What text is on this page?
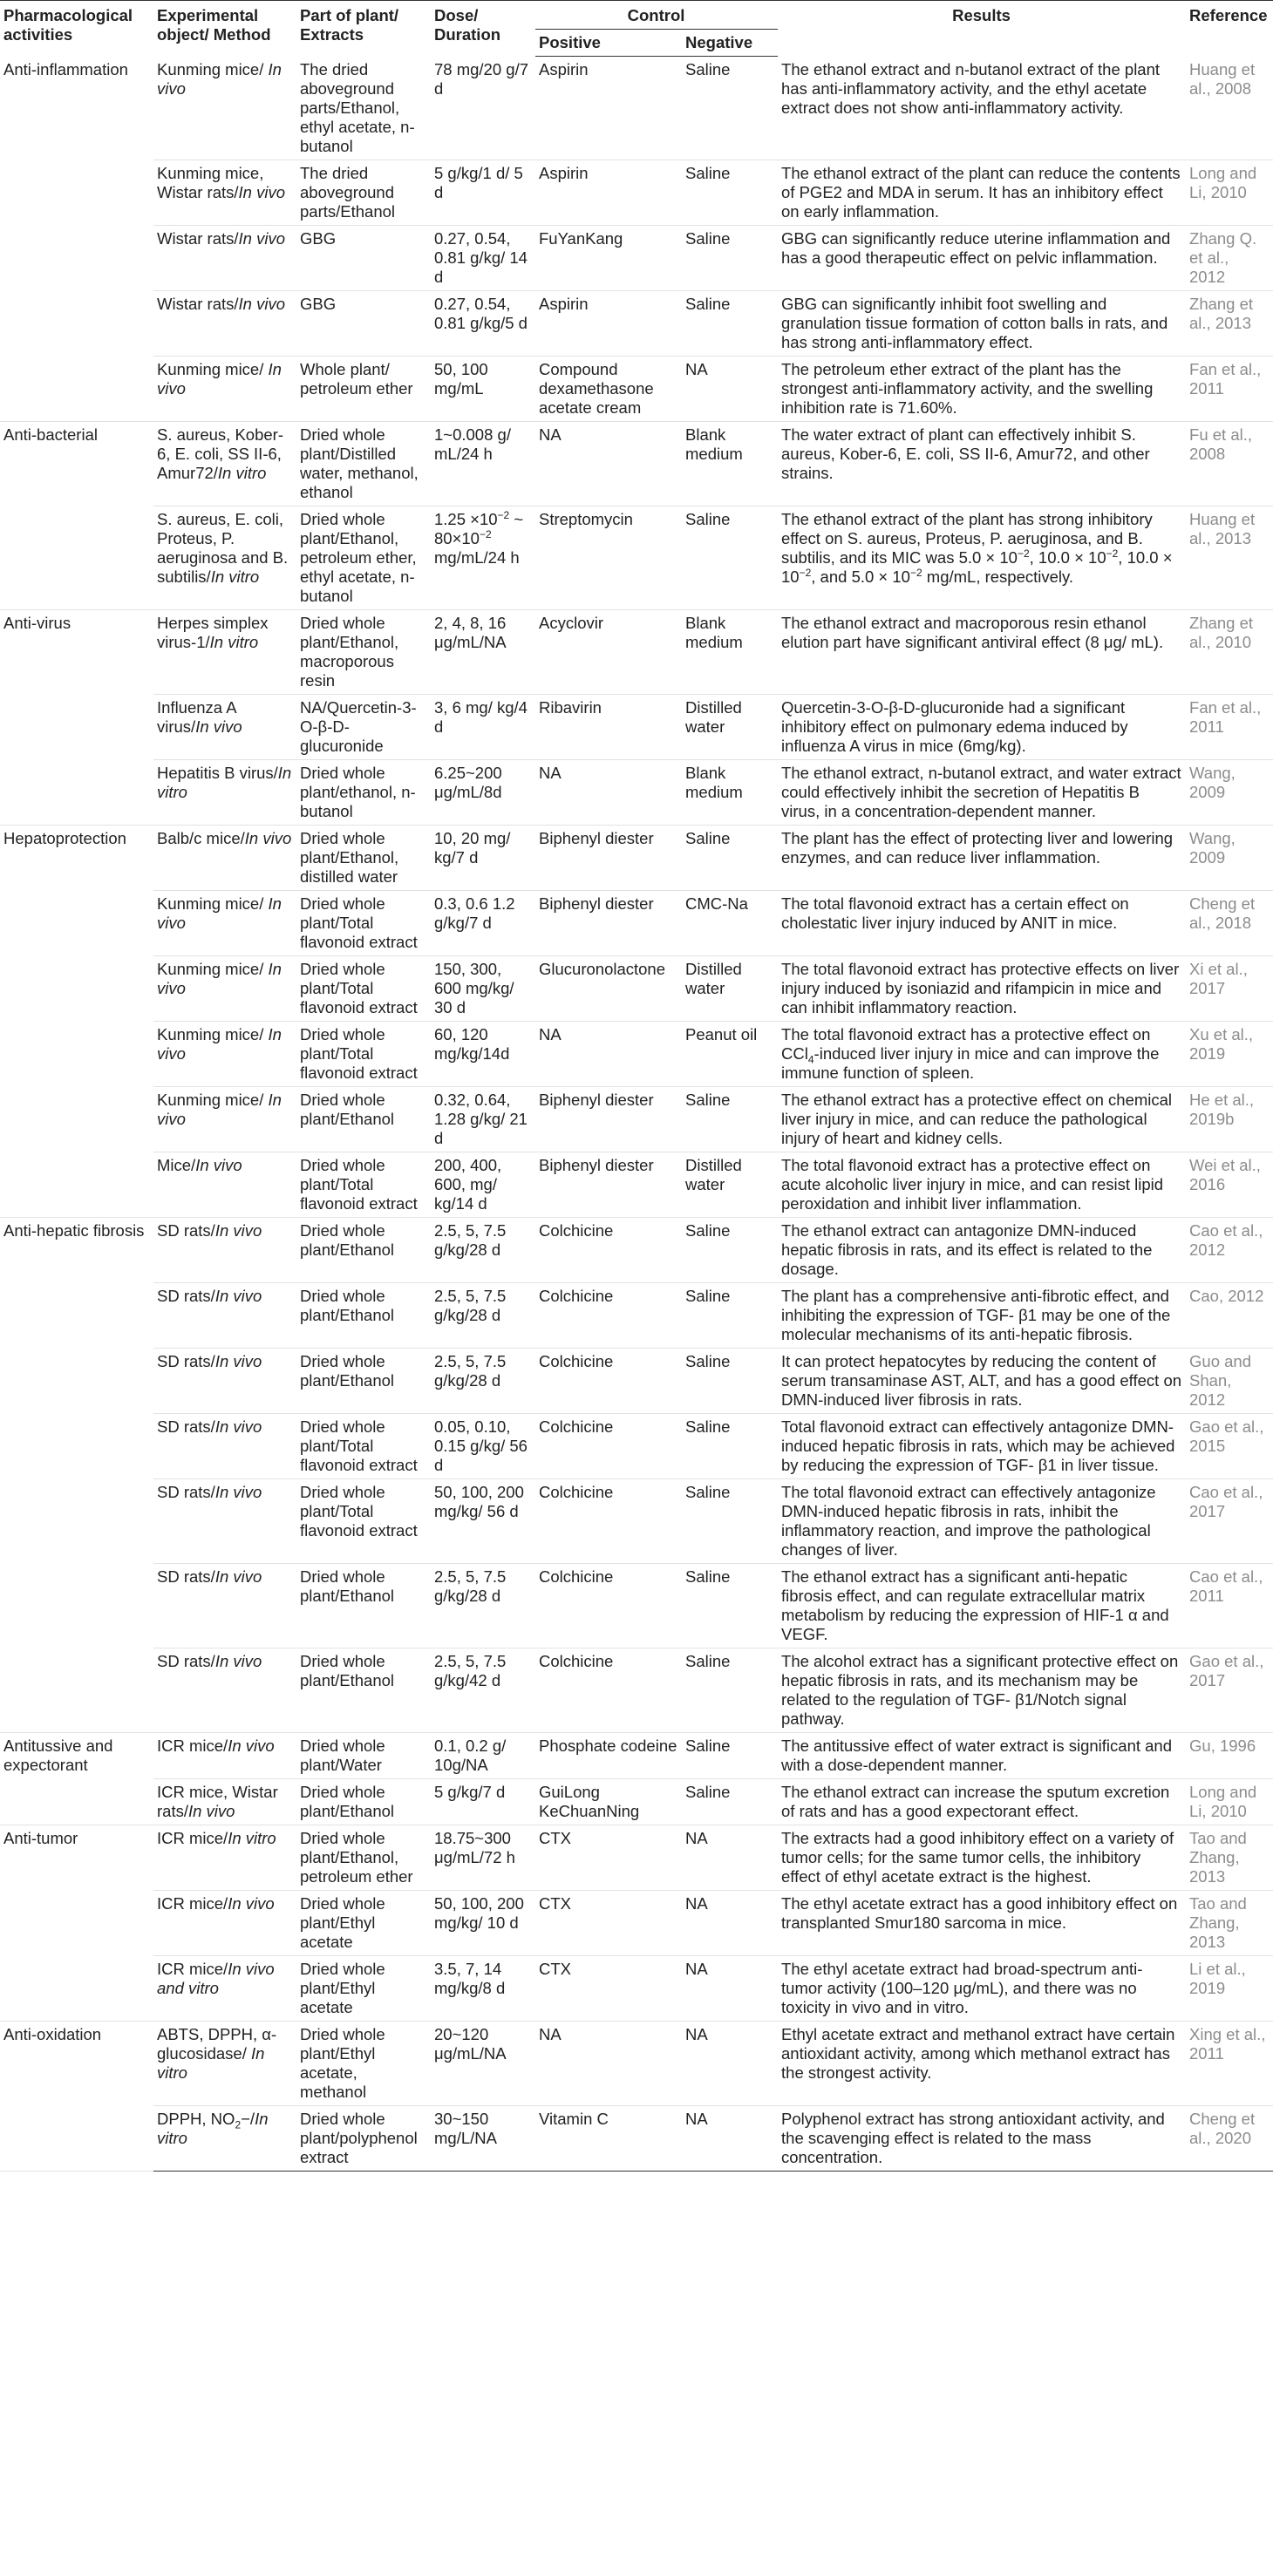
Pharmacological activities	Experimental object/ Method	Part of plant/ Extracts	Dose/ Duration	Control		Results	Reference
				Positive	Negative		
Anti-inflammation	Kunming mice/ In vivo	The dried aboveground parts/Ethanol, ethyl acetate, n-butanol	78 mg/20 g/7 d	Aspirin	Saline	The ethanol extract and n-butanol extract of the plant has anti-inflammatory activity, and the ethyl acetate extract does not show anti-inflammatory activity.	Huang et al., 2008
	Kunming mice, Wistar rats/In vivo	The dried aboveground parts/Ethanol	5 g/kg/1 d/ 5 d	Aspirin	Saline	The ethanol extract of the plant can reduce the contents of PGE2 and MDA in serum. It has an inhibitory effect on early inflammation.	Long and Li, 2010
	Wistar rats/In vivo	GBG	0.27, 0.54, 0.81 g/kg/ 14 d	FuYanKang	Saline	GBG can significantly reduce uterine inflammation and has a good therapeutic effect on pelvic inflammation.	Zhang Q. et al., 2012
	Wistar rats/In vivo	GBG	0.27, 0.54, 0.81 g/kg/5 d	Aspirin	Saline	GBG can significantly inhibit foot swelling and granulation tissue formation of cotton balls in rats, and has strong anti-inflammatory effect.	Zhang et al., 2013
	Kunming mice/ In vivo	Whole plant/ petroleum ether	50, 100 mg/mL	Compound dexamethasone acetate cream	NA	The petroleum ether extract of the plant has the strongest anti-inflammatory activity, and the swelling inhibition rate is 71.60%.	Fan et al., 2011
Anti-bacterial	S. aureus, Kober-6, E. coli, SS II-6, Amur72/In vitro	Dried whole plant/Distilled water, methanol, ethanol	1~0.008 g/ mL/24 h	NA	Blank medium	The water extract of plant can effectively inhibit S. aureus, Kober-6, E. coli, SS II-6, Amur72, and other strains.	Fu et al., 2008
	S. aureus, E. coli, Proteus, P. aeruginosa and B. subtilis/In vitro	Dried whole plant/Ethanol, petroleum ether, ethyl acetate, n-butanol	$1.25 \times 10^{-2}$ ~ $80\times 10^{-2}$ mg/mL/24 h	Streptomycin	Saline	The ethanol extract of the plant has strong inhibitory effect on S. aureus, Proteus, P. aeruginosa, and B. subtilis, and its MIC was $5.0 \times 10^{-2}$, $10.0 \times 10^{-2}$, $10.0 \times 10^{-2}$, and $5.0 \times 10^{-2}$ mg/mL, respectively.	Huang et al., 2013
Anti-virus	Herpes simplex virus-1/In vitro	Dried whole plant/Ethanol, macroporous resin	2, 4, 8, 16 μg/mL/NA	Acyclovir	Blank medium	The ethanol extract and macroporous resin ethanol elution part have significant antiviral effect (8 μg/ mL).	Zhang et al., 2010
	Influenza A virus/In vivo	NA/Quercetin-3-O-β-D-glucuronide	3, 6 mg/ kg/4 d	Ribavirin	Distilled water	Quercetin-3-O-β-D-glucuronide had a significant inhibitory effect on pulmonary edema induced by influenza A virus in mice (6mg/kg).	Fan et al., 2011
	Hepatitis B virus/In vitro	Dried whole plant/ethanol, n-butanol	6.25~200 μg/mL/8d	NA	Blank medium	The ethanol extract, n-butanol extract, and water extract could effectively inhibit the secretion of Hepatitis B virus, in a concentration-dependent manner.	Wang, 2009
Hepatoprotection	Balb/c mice/In vivo	Dried whole plant/Ethanol, distilled water	10, 20 mg/ kg/7 d	Biphenyl diester	Saline	The plant has the effect of protecting liver and lowering enzymes, and can reduce liver inflammation.	Wang, 2009
	Kunming mice/ In vivo	Dried whole plant/Total flavonoid extract	0.3, 0.6 1.2 g/kg/7 d	Biphenyl diester	CMC-Na	The total flavonoid extract has a certain effect on cholestatic liver injury induced by ANIT in mice.	Cheng et al., 2018
	Kunming mice/ In vivo	Dried whole plant/Total flavonoid extract	150, 300, 600 mg/kg/ 30 d	Glucuronolactone	Distilled water	The total flavonoid extract has protective effects on liver injury induced by isoniazid and rifampicin in mice and can inhibit inflammatory reaction.	Xi et al., 2017
	Kunming mice/ In vivo	Dried whole plant/Total flavonoid extract	60, 120 mg/kg/14d	NA	Peanut oil	The total flavonoid extract has a protective effect on CCl$_4$-induced liver injury in mice and can improve the immune function of spleen.	Xu et al., 2019
	Kunming mice/ In vivo	Dried whole plant/Ethanol	0.32, 0.64, 1.28 g/kg/ 21 d	Biphenyl diester	Saline	The ethanol extract has a protective effect on chemical liver injury in mice, and can reduce the pathological injury of heart and kidney cells.	He et al., 2019b
	Mice/In vivo	Dried whole plant/Total flavonoid extract	200, 400, 600, mg/ kg/14 d	Biphenyl diester	Distilled water	The total flavonoid extract has a protective effect on acute alcoholic liver injury in mice, and can resist lipid peroxidation and inhibit liver inflammation.	Wei et al., 2016
Anti-hepatic fibrosis	SD rats/In vivo	Dried whole plant/Ethanol	2.5, 5, 7.5 g/kg/28 d	Colchicine	Saline	The ethanol extract can antagonize DMN-induced hepatic fibrosis in rats, and its effect is related to the dosage.	Cao et al., 2012
	SD rats/In vivo	Dried whole plant/Ethanol	2.5, 5, 7.5 g/kg/28 d	Colchicine	Saline	The plant has a comprehensive anti-fibrotic effect, and inhibiting the expression of TGF- β1 may be one of the molecular mechanisms of its anti-hepatic fibrosis.	Cao, 2012
	SD rats/In vivo	Dried whole plant/Ethanol	2.5, 5, 7.5 g/kg/28 d	Colchicine	Saline	It can protect hepatocytes by reducing the content of serum transaminase AST, ALT, and has a good effect on DMN-induced liver fibrosis in rats.	Guo and Shan, 2012
	SD rats/In vivo	Dried whole plant/Total flavonoid extract	0.05, 0.10, 0.15 g/kg/ 56 d	Colchicine	Saline	Total flavonoid extract can effectively antagonize DMN-induced hepatic fibrosis in rats, which may be achieved by reducing the expression of TGF- β1 in liver tissue.	Gao et al., 2015
	SD rats/In vivo	Dried whole plant/Total flavonoid extract	50, 100, 200 mg/kg/ 56 d	Colchicine	Saline	The total flavonoid extract can effectively antagonize DMN-induced hepatic fibrosis in rats, inhibit the inflammatory reaction, and improve the pathological changes of liver.	Cao et al., 2017
	SD rats/In vivo	Dried whole plant/Ethanol	2.5, 5, 7.5 g/kg/28 d	Colchicine	Saline	The ethanol extract has a significant anti-hepatic fibrosis effect, and can regulate extracellular matrix metabolism by reducing the expression of HIF-1 α and VEGF.	Cao et al., 2011
	SD rats/In vivo	Dried whole plant/Ethanol	2.5, 5, 7.5 g/kg/42 d	Colchicine	Saline	The alcohol extract has a significant protective effect on hepatic fibrosis in rats, and its mechanism may be related to the regulation of TGF- β1/Notch signal pathway.	Gao et al., 2017
Antitussive and expectorant	ICR mice/In vivo	Dried whole plant/Water	0.1, 0.2 g/ 10g/NA	Phosphate codeine	Saline	The antitussive effect of water extract is significant and with a dose-dependent manner.	Gu, 1996
	ICR mice, Wistar rats/In vivo	Dried whole plant/Ethanol	5 g/kg/7 d	GuiLong KeChuanNing	Saline	The ethanol extract can increase the sputum excretion of rats and has a good expectorant effect.	Long and Li, 2010
Anti-tumor	ICR mice/In vitro	Dried whole plant/Ethanol, petroleum ether	18.75~300 μg/mL/72 h	CTX	NA	The extracts had a good inhibitory effect on a variety of tumor cells; for the same tumor cells, the inhibitory effect of ethyl acetate extract is the highest.	Tao and Zhang, 2013
	ICR mice/In vivo	Dried whole plant/Ethyl acetate	50, 100, 200 mg/kg/ 10 d	CTX	NA	The ethyl acetate extract has a good inhibitory effect on transplanted Smur180 sarcoma in mice.	Tao and Zhang, 2013
	ICR mice/In vivo and vitro	Dried whole plant/Ethyl acetate	3.5, 7, 14 mg/kg/8 d	CTX	NA	The ethyl acetate extract had broad-spectrum anti-tumor activity (100–120 μg/mL), and there was no toxicity in vivo and in vitro.	Li et al., 2019
Anti-oxidation	ABTS, DPPH, α-glucosidase/ In vitro	Dried whole plant/Ethyl acetate, methanol	20~120 μg/mL/NA	NA	NA	Ethyl acetate extract and methanol extract have certain antioxidant activity, among which methanol extract has the strongest activity.	Xing et al., 2011
	DPPH, $NO_2-/In$ vitro	Dried whole plant/polyphenol extract	30~150 mg/L/NA	Vitamin C	NA	Polyphenol extract has strong antioxidant activity, and the scavenging effect is related to the mass concentration.	Cheng et al., 2020
